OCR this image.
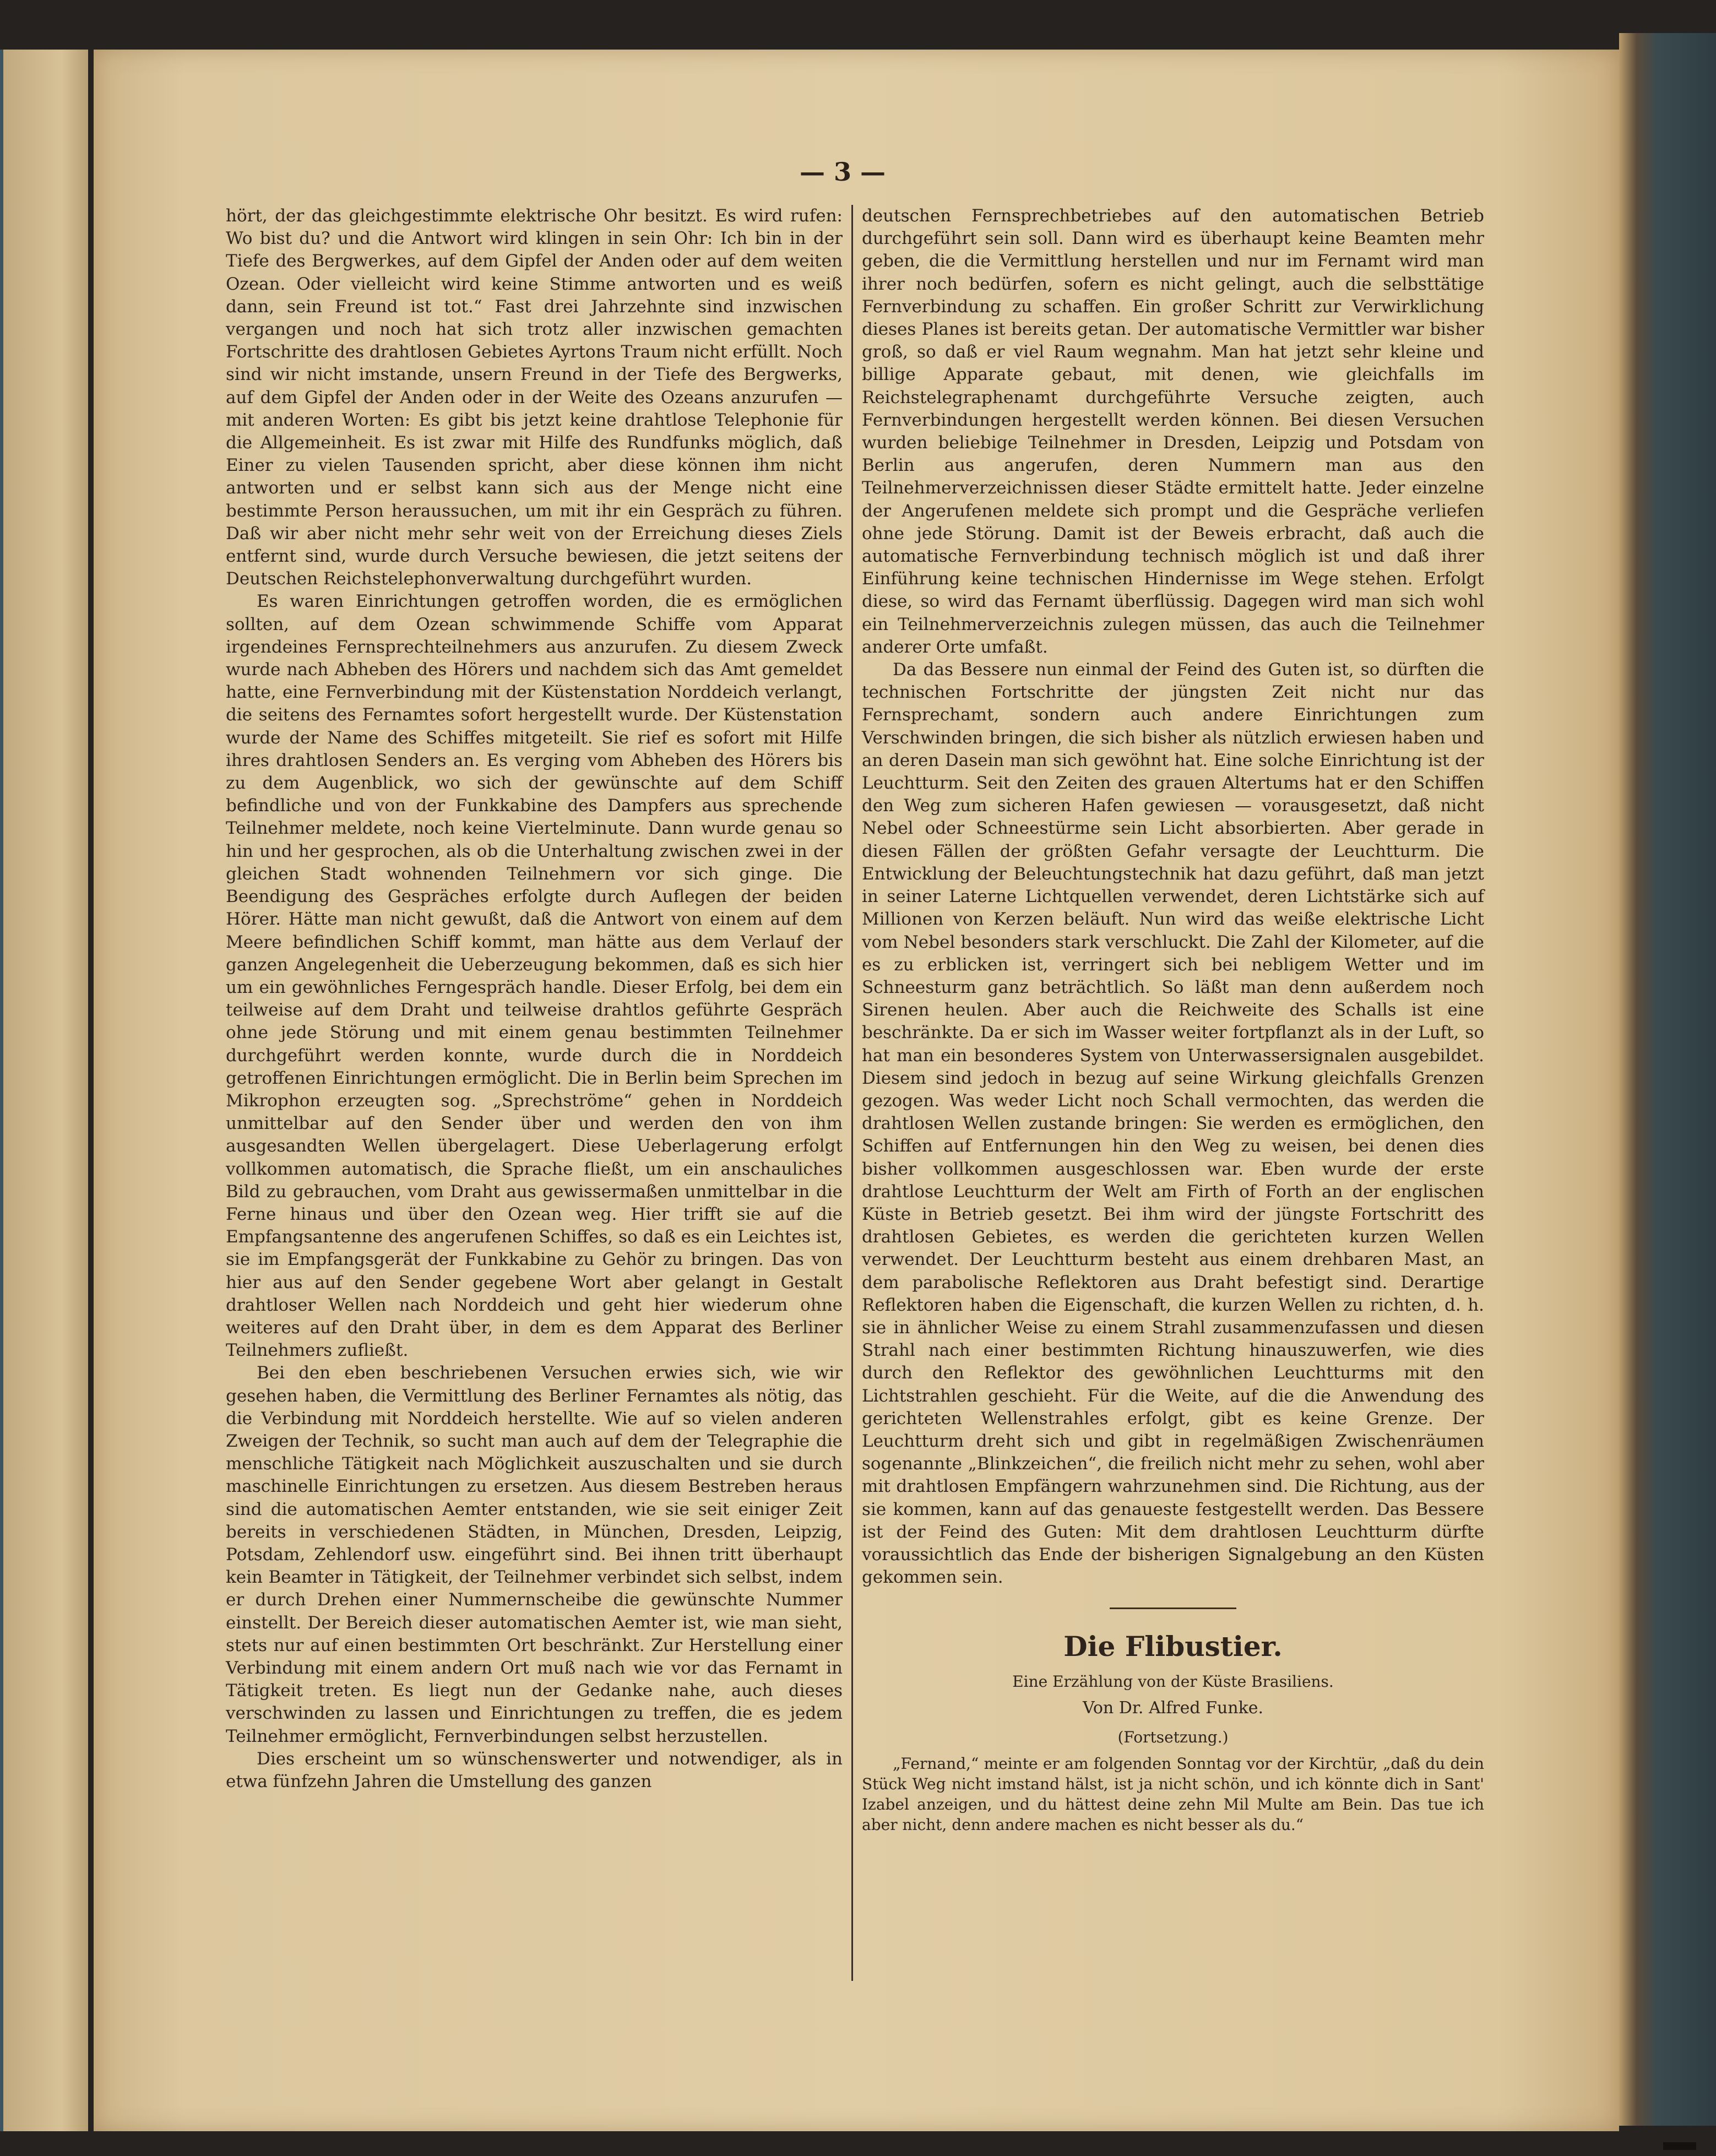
— 3 —

hört, der das gleichgestimmte elektrische Ohr besitzt. Es wird rufen: Wo bist du? und die Antwort wird klingen in sein Ohr: Ich bin in der Tiefe des Bergwerkes, auf dem Gipfel der Anden oder auf dem weiten Ozean. Oder vielleicht wird keine Stimme antworten und es weiß dann, sein Freund ist tot.“ Fast drei Jahrzehnte sind inzwischen vergangen und noch hat sich trotz aller inzwischen gemachten Fortschritte des drahtlosen Gebietes Ayrtons Traum nicht erfüllt. Noch sind wir nicht imstande, unsern Freund in der Tiefe des Bergwerks, auf dem Gipfel der Anden oder in der Weite des Ozeans anzurufen — mit anderen Worten: Es gibt bis jetzt keine drahtlose Telephonie für die Allgemeinheit. Es ist zwar mit Hilfe des Rundfunks möglich, daß Einer zu vielen Tausenden spricht, aber diese können ihm nicht antworten und er selbst kann sich aus der Menge nicht eine bestimmte Person heraussuchen, um mit ihr ein Gespräch zu führen. Daß wir aber nicht mehr sehr weit von der Erreichung dieses Ziels entfernt sind, wurde durch Versuche bewiesen, die jetzt seitens der Deutschen Reichstelephonverwaltung durchgeführt wurden.

Es waren Einrichtungen getroffen worden, die es ermöglichen sollten, auf dem Ozean schwimmende Schiffe vom Apparat irgendeines Fernsprechteilnehmers aus anzurufen. Zu diesem Zweck wurde nach Abheben des Hörers und nachdem sich das Amt gemeldet hatte, eine Fernverbindung mit der Küstenstation Norddeich verlangt, die seitens des Fernamtes sofort hergestellt wurde. Der Küstenstation wurde der Name des Schiffes mitgeteilt. Sie rief es sofort mit Hilfe ihres drahtlosen Senders an. Es verging vom Abheben des Hörers bis zu dem Augenblick, wo sich der gewünschte auf dem Schiff befindliche und von der Funkkabine des Dampfers aus sprechende Teilnehmer meldete, noch keine Viertelminute. Dann wurde genau so hin und her gesprochen, als ob die Unterhaltung zwischen zwei in der gleichen Stadt wohnenden Teilnehmern vor sich ginge. Die Beendigung des Gespräches erfolgte durch Auflegen der beiden Hörer. Hätte man nicht gewußt, daß die Antwort von einem auf dem Meere befindlichen Schiff kommt, man hätte aus dem Verlauf der ganzen Angelegenheit die Ueberzeugung bekommen, daß es sich hier um ein gewöhnliches Ferngespräch handle. Dieser Erfolg, bei dem ein teilweise auf dem Draht und teilweise drahtlos geführte Gespräch ohne jede Störung und mit einem genau bestimmten Teilnehmer durchgeführt werden konnte, wurde durch die in Norddeich getroffenen Einrichtungen ermöglicht. Die in Berlin beim Sprechen im Mikrophon erzeugten sog. „Sprechströme“ gehen in Norddeich unmittelbar auf den Sender über und werden den von ihm ausgesandten Wellen übergelagert. Diese Ueberlagerung erfolgt vollkommen automatisch, die Sprache fließt, um ein anschauliches Bild zu gebrauchen, vom Draht aus gewissermaßen unmittelbar in die Ferne hinaus und über den Ozean weg. Hier trifft sie auf die Empfangsantenne des angerufenen Schiffes, so daß es ein Leichtes ist, sie im Empfangsgerät der Funkkabine zu Gehör zu bringen. Das von hier aus auf den Sender gegebene Wort aber gelangt in Gestalt drahtloser Wellen nach Norddeich und geht hier wiederum ohne weiteres auf den Draht über, in dem es dem Apparat des Berliner Teilnehmers zufließt.

Bei den eben beschriebenen Versuchen erwies sich, wie wir gesehen haben, die Vermittlung des Berliner Fernamtes als nötig, das die Verbindung mit Norddeich herstellte. Wie auf so vielen anderen Zweigen der Technik, so sucht man auch auf dem der Telegraphie die menschliche Tätigkeit nach Möglichkeit auszuschalten und sie durch maschinelle Einrichtungen zu ersetzen. Aus diesem Bestreben heraus sind die automatischen Aemter entstanden, wie sie seit einiger Zeit bereits in verschiedenen Städten, in München, Dresden, Leipzig, Potsdam, Zehlendorf usw. eingeführt sind. Bei ihnen tritt überhaupt kein Beamter in Tätigkeit, der Teilnehmer verbindet sich selbst, indem er durch Drehen einer Nummernscheibe die gewünschte Nummer einstellt. Der Bereich dieser automatischen Aemter ist, wie man sieht, stets nur auf einen bestimmten Ort beschränkt. Zur Herstellung einer Verbindung mit einem andern Ort muß nach wie vor das Fernamt in Tätigkeit treten. Es liegt nun der Gedanke nahe, auch dieses verschwinden zu lassen und Einrichtungen zu treffen, die es jedem Teilnehmer ermöglicht, Fernverbindungen selbst herzustellen.

Dies erscheint um so wünschenswerter und notwendiger, als in etwa fünfzehn Jahren die Umstellung des ganzen

deutschen Fernsprechbetriebes auf den automatischen Betrieb durchgeführt sein soll. Dann wird es überhaupt keine Beamten mehr geben, die die Vermittlung herstellen und nur im Fernamt wird man ihrer noch bedürfen, sofern es nicht gelingt, auch die selbsttätige Fernverbindung zu schaffen. Ein großer Schritt zur Verwirklichung dieses Planes ist bereits getan. Der automatische Vermittler war bisher groß, so daß er viel Raum wegnahm. Man hat jetzt sehr kleine und billige Apparate gebaut, mit denen, wie gleichfalls im Reichstelegraphenamt durchgeführte Versuche zeigten, auch Fernverbindungen hergestellt werden können. Bei diesen Versuchen wurden beliebige Teilnehmer in Dresden, Leipzig und Potsdam von Berlin aus angerufen, deren Nummern man aus den Teilnehmerverzeichnissen dieser Städte ermittelt hatte. Jeder einzelne der Angerufenen meldete sich prompt und die Gespräche verliefen ohne jede Störung. Damit ist der Beweis erbracht, daß auch die automatische Fernverbindung technisch möglich ist und daß ihrer Einführung keine technischen Hindernisse im Wege stehen. Erfolgt diese, so wird das Fernamt überflüssig. Dagegen wird man sich wohl ein Teilnehmerverzeichnis zulegen müssen, das auch die Teilnehmer anderer Orte umfaßt.

Da das Bessere nun einmal der Feind des Guten ist, so dürften die technischen Fortschritte der jüngsten Zeit nicht nur das Fernsprechamt, sondern auch andere Einrichtungen zum Verschwinden bringen, die sich bisher als nützlich erwiesen haben und an deren Dasein man sich gewöhnt hat. Eine solche Einrichtung ist der Leuchtturm. Seit den Zeiten des grauen Altertums hat er den Schiffen den Weg zum sicheren Hafen gewiesen — vorausgesetzt, daß nicht Nebel oder Schneestürme sein Licht absorbierten. Aber gerade in diesen Fällen der größten Gefahr versagte der Leuchtturm. Die Entwicklung der Beleuchtungstechnik hat dazu geführt, daß man jetzt in seiner Laterne Lichtquellen verwendet, deren Lichtstärke sich auf Millionen von Kerzen beläuft. Nun wird das weiße elektrische Licht vom Nebel besonders stark verschluckt. Die Zahl der Kilometer, auf die es zu erblicken ist, verringert sich bei nebligem Wetter und im Schneesturm ganz beträchtlich. So läßt man denn außerdem noch Sirenen heulen. Aber auch die Reichweite des Schalls ist eine beschränkte. Da er sich im Wasser weiter fortpflanzt als in der Luft, so hat man ein besonderes System von Unterwassersignalen ausgebildet. Diesem sind jedoch in bezug auf seine Wirkung gleichfalls Grenzen gezogen. Was weder Licht noch Schall vermochten, das werden die drahtlosen Wellen zustande bringen: Sie werden es ermöglichen, den Schiffen auf Entfernungen hin den Weg zu weisen, bei denen dies bisher vollkommen ausgeschlossen war. Eben wurde der erste drahtlose Leuchtturm der Welt am Firth of Forth an der englischen Küste in Betrieb gesetzt. Bei ihm wird der jüngste Fortschritt des drahtlosen Gebietes, es werden die gerichteten kurzen Wellen verwendet. Der Leuchtturm besteht aus einem drehbaren Mast, an dem parabolische Reflektoren aus Draht befestigt sind. Derartige Reflektoren haben die Eigenschaft, die kurzen Wellen zu richten, d. h. sie in ähnlicher Weise zu einem Strahl zusammenzufassen und diesen Strahl nach einer bestimmten Richtung hinauszuwerfen, wie dies durch den Reflektor des gewöhnlichen Leuchtturms mit den Lichtstrahlen geschieht. Für die Weite, auf die die Anwendung des gerichteten Wellenstrahles erfolgt, gibt es keine Grenze. Der Leuchtturm dreht sich und gibt in regelmäßigen Zwischenräumen sogenannte „Blinkzeichen“, die freilich nicht mehr zu sehen, wohl aber mit drahtlosen Empfängern wahrzunehmen sind. Die Richtung, aus der sie kommen, kann auf das genaueste festgestellt werden. Das Bessere ist der Feind des Guten: Mit dem drahtlosen Leuchtturm dürfte voraussichtlich das Ende der bisherigen Signalgebung an den Küsten gekommen sein.

Die Flibustier.
Eine Erzählung von der Küste Brasiliens.
Von Dr. Alfred Funke.
(Fortsetzung.)

„Fernand,“ meinte er am folgenden Sonntag vor der Kirchtür, „daß du dein Stück Weg nicht imstand hälst, ist ja nicht schön, und ich könnte dich in Sant' Izabel anzeigen, und du hättest deine zehn Mil Multe am Bein. Das tue ich aber nicht, denn andere machen es nicht besser als du.“
